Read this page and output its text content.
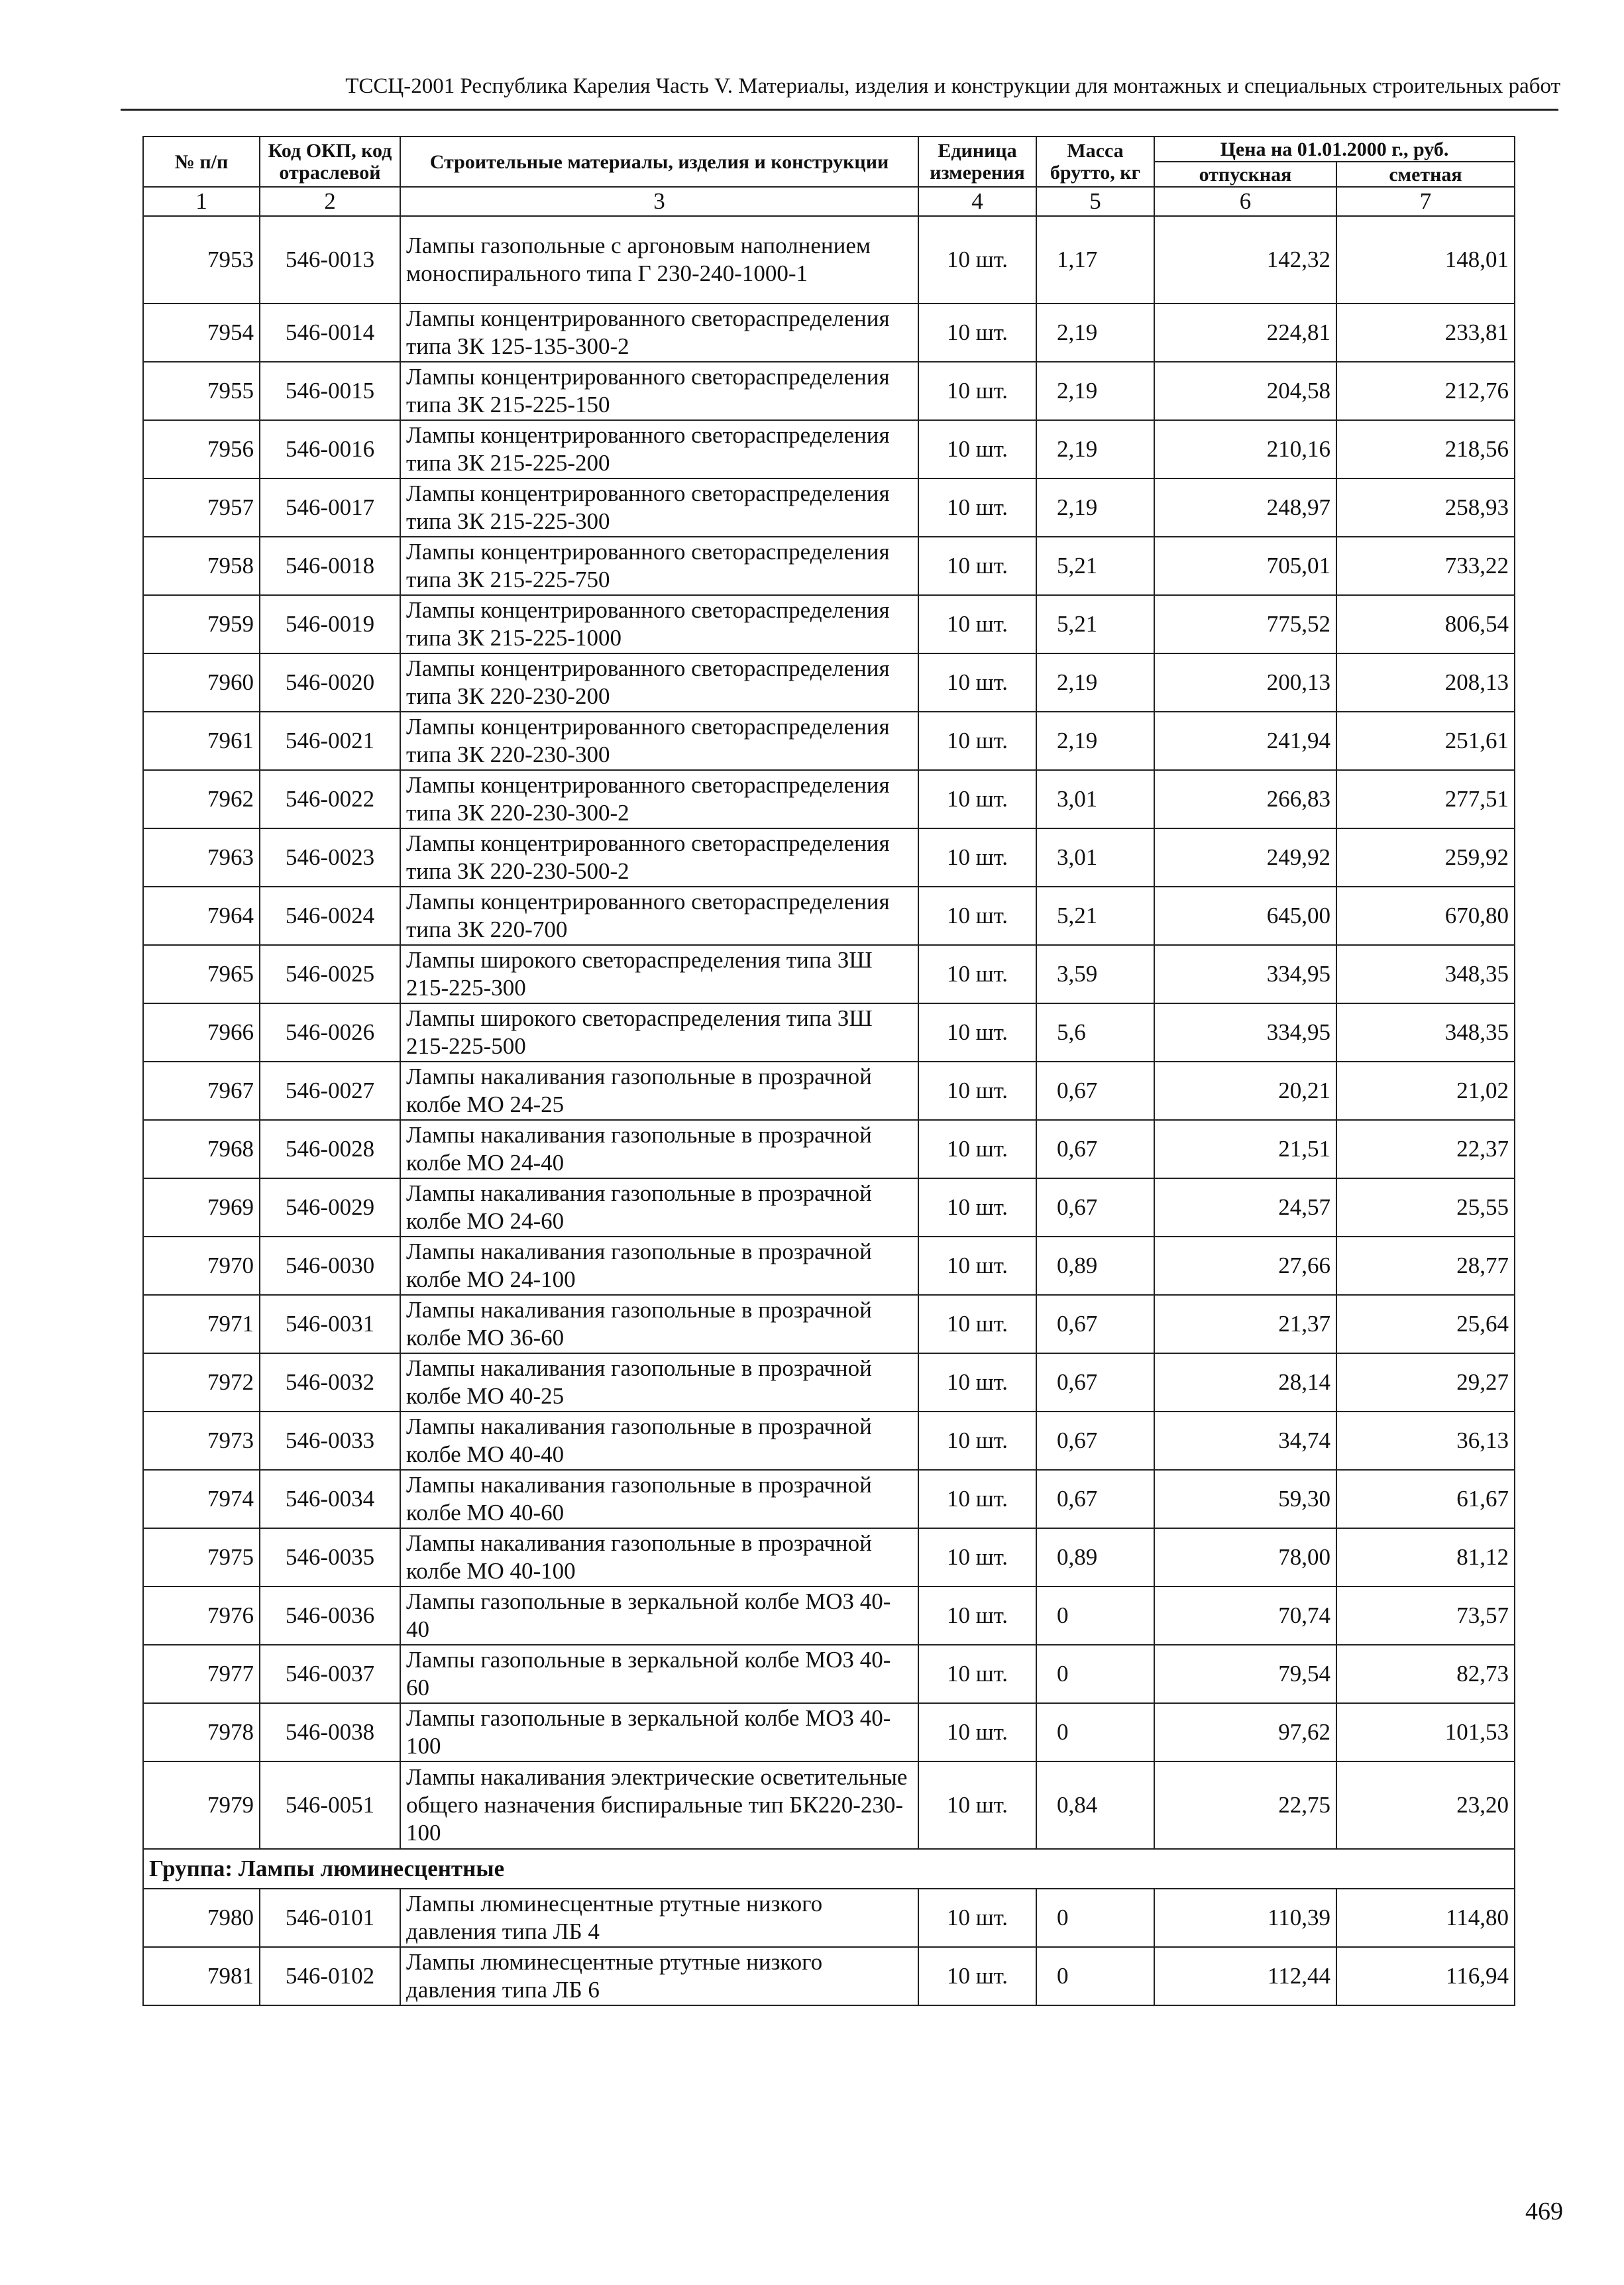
ТССЦ-2001 Республика Карелия Часть V. Материалы, изделия и конструкции для монтажных и специальных строительных работ
№ п/п	Код ОКП, код отраслевой	Строительные материалы, изделия и конструкции	Единица измерения	Масса брутто, кг	Цена на 01.01.2000 г., руб.	
					отпускная	сметная
1	2	3	4	5	6	7
7953	546-0013	Лампы газопольные с аргоновым наполнением моноспирального типа Г 230-240-1000-1	10 шт.	1,17	142,32	148,01
7954	546-0014	Лампы концентрированного светораспределения типа ЗК 125-135-300-2	10 шт.	2,19	224,81	233,81
7955	546-0015	Лампы концентрированного светораспределения типа ЗК 215-225-150	10 шт.	2,19	204,58	212,76
7956	546-0016	Лампы концентрированного светораспределения типа ЗК 215-225-200	10 шт.	2,19	210,16	218,56
7957	546-0017	Лампы концентрированного светораспределения типа ЗК 215-225-300	10 шт.	2,19	248,97	258,93
7958	546-0018	Лампы концентрированного светораспределения типа ЗК 215-225-750	10 шт.	5,21	705,01	733,22
7959	546-0019	Лампы концентрированного светораспределения типа ЗК 215-225-1000	10 шт.	5,21	775,52	806,54
7960	546-0020	Лампы концентрированного светораспределения типа ЗК 220-230-200	10 шт.	2,19	200,13	208,13
7961	546-0021	Лампы концентрированного светораспределения типа ЗК 220-230-300	10 шт.	2,19	241,94	251,61
7962	546-0022	Лампы концентрированного светораспределения типа ЗК 220-230-300-2	10 шт.	3,01	266,83	277,51
7963	546-0023	Лампы концентрированного светораспределения типа ЗК 220-230-500-2	10 шт.	3,01	249,92	259,92
7964	546-0024	Лампы концентрированного светораспределения типа ЗК 220-700	10 шт.	5,21	645,00	670,80
7965	546-0025	Лампы широкого светораспределения типа ЗШ 215-225-300	10 шт.	3,59	334,95	348,35
7966	546-0026	Лампы широкого светораспределения типа ЗШ 215-225-500	10 шт.	5,6	334,95	348,35
7967	546-0027	Лампы накаливания газопольные в прозрачной колбе МО 24-25	10 шт.	0,67	20,21	21,02
7968	546-0028	Лампы накаливания газопольные в прозрачной колбе МО 24-40	10 шт.	0,67	21,51	22,37
7969	546-0029	Лампы накаливания газопольные в прозрачной колбе МО 24-60	10 шт.	0,67	24,57	25,55
7970	546-0030	Лампы накаливания газопольные в прозрачной колбе МО 24-100	10 шт.	0,89	27,66	28,77
7971	546-0031	Лампы накаливания газопольные в прозрачной колбе МО 36-60	10 шт.	0,67	21,37	25,64
7972	546-0032	Лампы накаливания газопольные в прозрачной колбе МО 40-25	10 шт.	0,67	28,14	29,27
7973	546-0033	Лампы накаливания газопольные в прозрачной колбе МО 40-40	10 шт.	0,67	34,74	36,13
7974	546-0034	Лампы накаливания газопольные в прозрачной колбе МО 40-60	10 шт.	0,67	59,30	61,67
7975	546-0035	Лампы накаливания газопольные в прозрачной колбе МО 40-100	10 шт.	0,89	78,00	81,12
7976	546-0036	Лампы газопольные в зеркальной колбе МОЗ 40-40	10 шт.	0	70,74	73,57
7977	546-0037	Лампы газопольные в зеркальной колбе МОЗ 40-60	10 шт.	0	79,54	82,73
7978	546-0038	Лампы газопольные в зеркальной колбе МОЗ 40-100	10 шт.	0	97,62	101,53
7979	546-0051	Лампы накаливания электрические осветительные общего назначения биспиральные тип БК220-230-100	10 шт.	0,84	22,75	23,20
Группа: Лампы люминесцентные						
7980	546-0101	Лампы люминесцентные ртутные низкого давления типа ЛБ 4	10 шт.	0	110,39	114,80
7981	546-0102	Лампы люминесцентные ртутные низкого давления типа ЛБ 6	10 шт.	0	112,44	116,94
469
